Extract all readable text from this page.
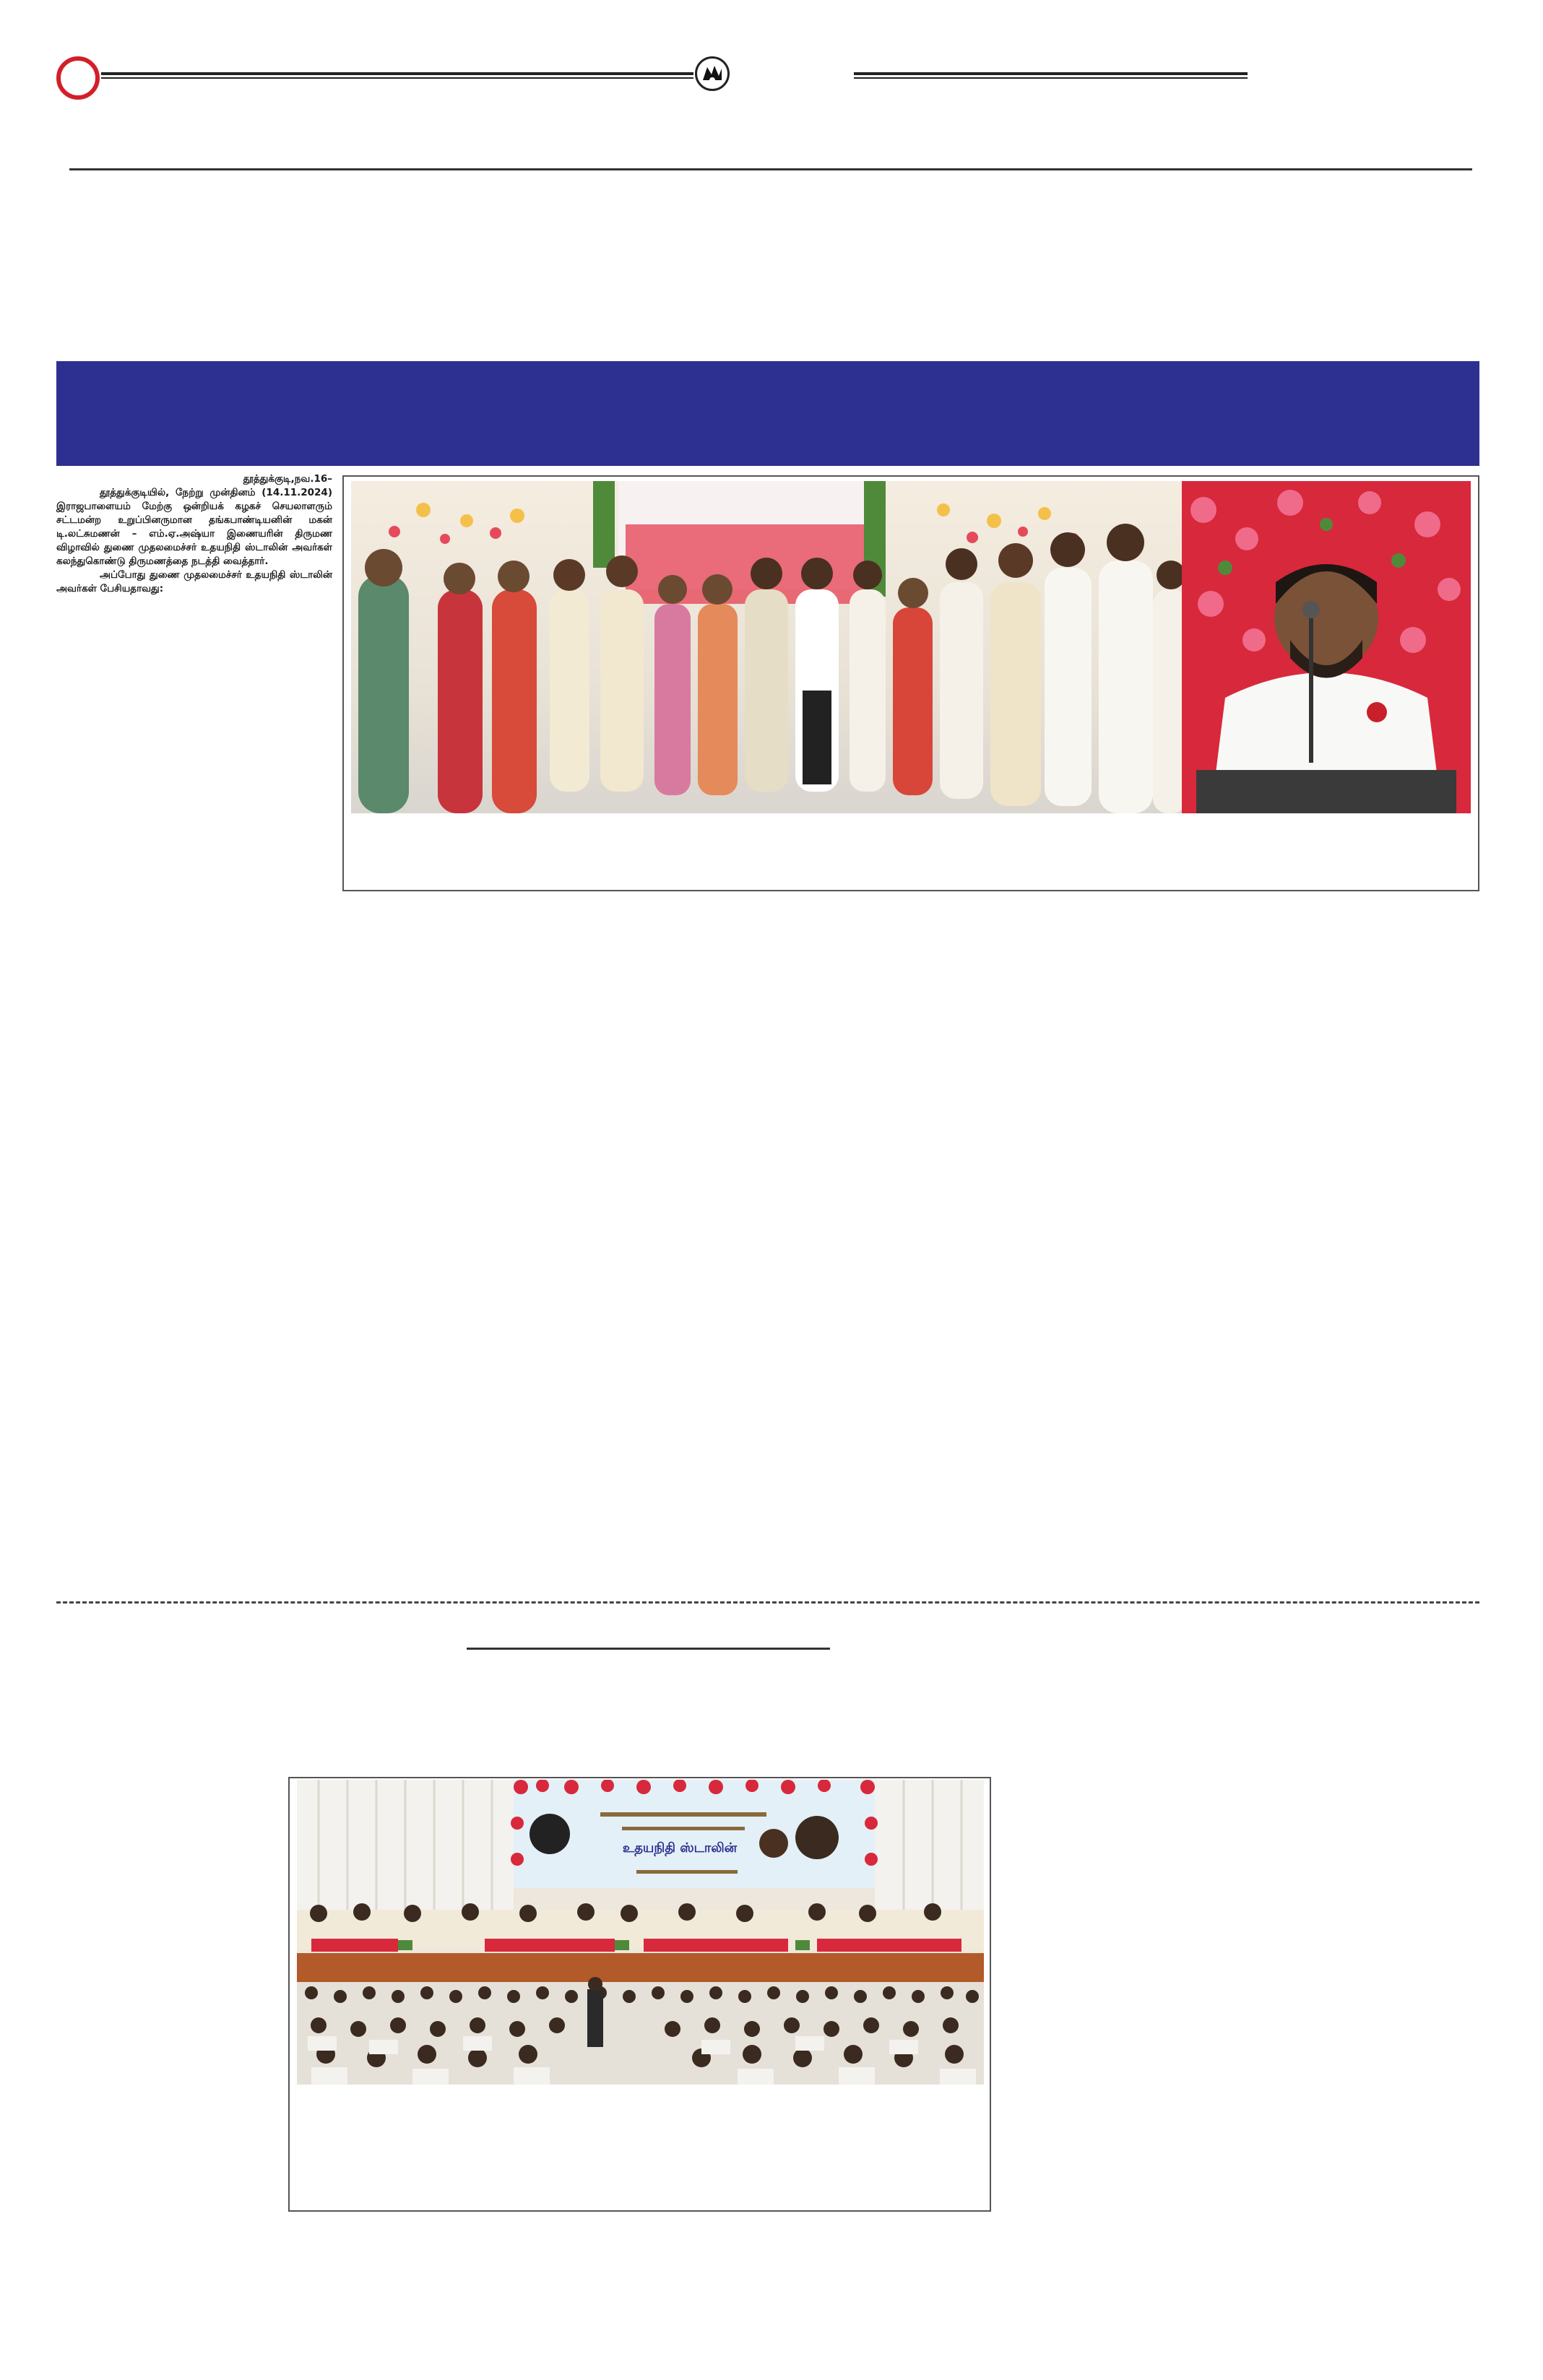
தூத்துக்குடி,நவ.16–

தூத்துக்குடியில், நேற்று முன்தினம் (14.11.2024) இராஜபாளையம் மேற்கு ஒன்றியக் கழகச் செயலாளரும் சட்டமன்ற உறுப்பினருமான தங்கபாண்டியனின் மகன் டி.லட்சுமணன் – எம்.ஏ.அஷ்யா இணையரின் திருமண விழாவில் துணை முதலமைச்சர் உதயநிதி ஸ்டாலின் அவர்கள் கலந்துகொண்டு திருமணத்தை நடத்தி வைத்தார்.

அப்போது துணை முதலமைச்சர் உதயநிதி ஸ்டாலின் அவர்கள் பேசியதாவது:

உதயநிதி ஸ்டாலின்
